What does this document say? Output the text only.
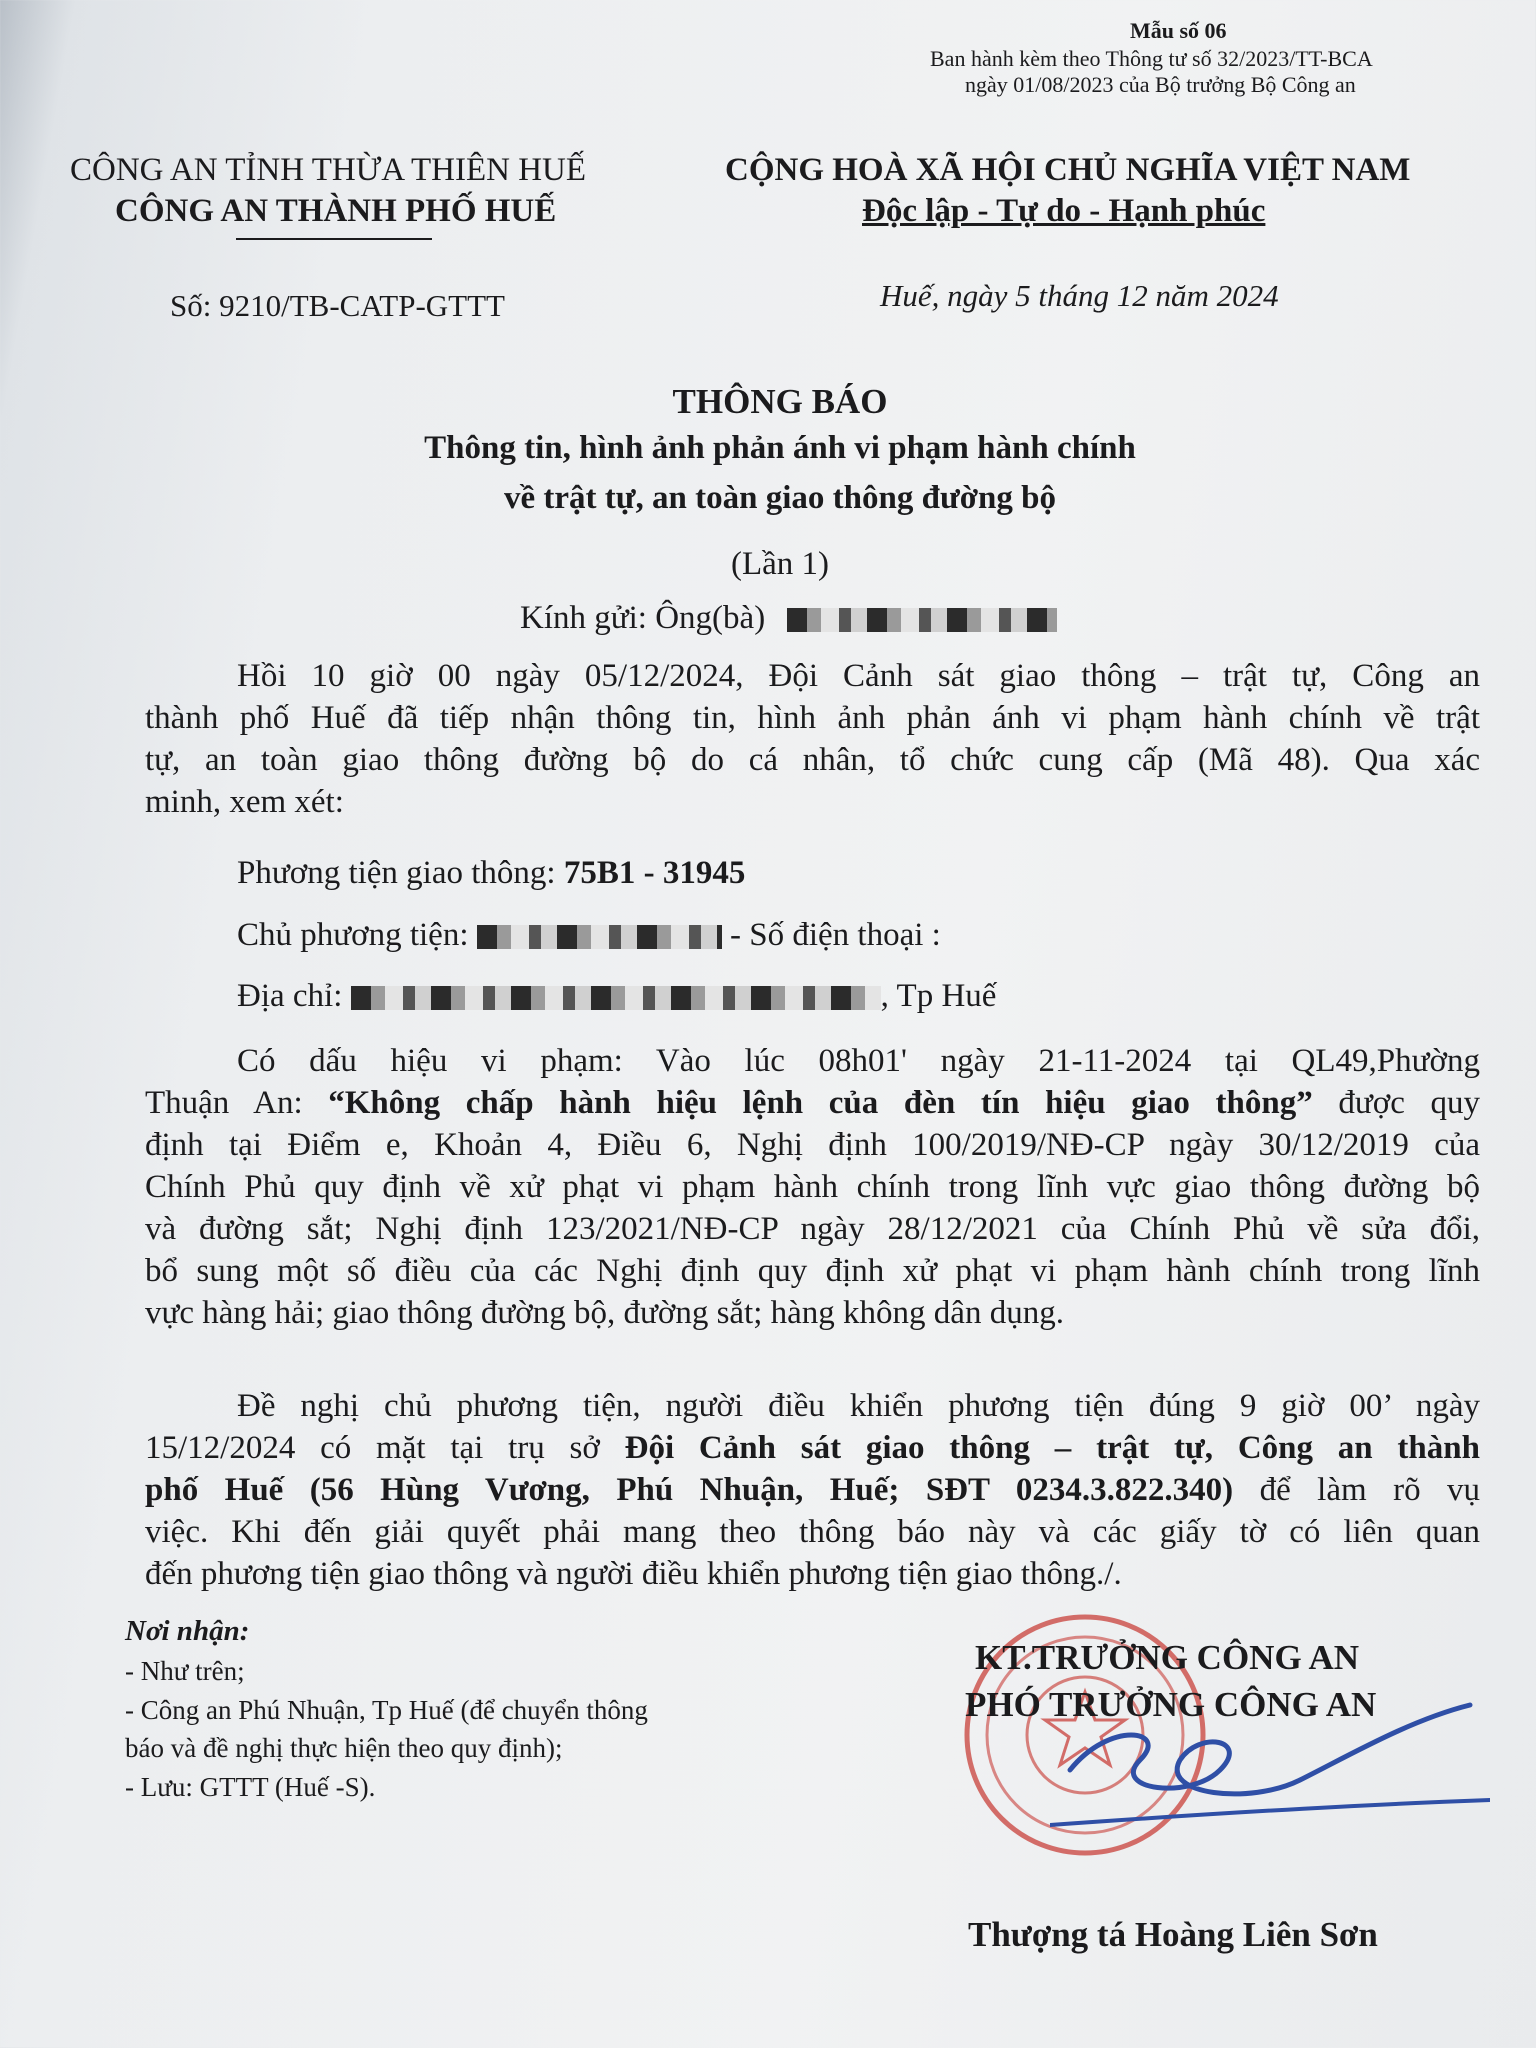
Mẫu số 06
Ban hành kèm theo Thông tư số 32/2023/TT-BCA
ngày 01/08/2023 của Bộ trưởng Bộ Công an
CÔNG AN TỈNH THỪA THIÊN HUẾ
CÔNG AN THÀNH PHỐ HUẾ
Số: 9210/TB-CATP-GTTT
CỘNG HOÀ XÃ HỘI CHỦ NGHĨA VIỆT NAM
Độc lập - Tự do - Hạnh phúc
Huế, ngày 5 tháng 12 năm 2024
THÔNG BÁO
Thông tin, hình ảnh phản ánh vi phạm hành chính
về trật tự, an toàn giao thông đường bộ
(Lần 1)
Kính gửi: Ông(bà)
Hồi 10 giờ 00 ngày 05/12/2024, Đội Cảnh sát giao thông – trật tự, Công an
thành phố Huế đã tiếp nhận thông tin, hình ảnh phản ánh vi phạm hành chính về trật
tự, an toàn giao thông đường bộ do cá nhân, tổ chức cung cấp (Mã 48). Qua xác
minh, xem xét:
Phương tiện giao thông: 75B1 - 31945
Chủ phương tiện:	- Số điện thoại :
Địa chỉ:	, Tp Huế
Có dấu hiệu vi phạm: Vào lúc 08h01' ngày 21-11-2024 tại QL49,Phường
Thuận An: “Không chấp hành hiệu lệnh của đèn tín hiệu giao thông” được quy
định tại Điểm e, Khoản 4, Điều 6, Nghị định 100/2019/NĐ-CP ngày 30/12/2019 của
Chính Phủ quy định về xử phạt vi phạm hành chính trong lĩnh vực giao thông đường bộ
và đường sắt; Nghị định 123/2021/NĐ-CP ngày 28/12/2021 của Chính Phủ về sửa đổi,
bổ sung một số điều của các Nghị định quy định xử phạt vi phạm hành chính trong lĩnh
vực hàng hải; giao thông đường bộ, đường sắt; hàng không dân dụng.
Đề nghị chủ phương tiện, người điều khiển phương tiện đúng 9 giờ 00’ ngày
15/12/2024 có mặt tại trụ sở Đội Cảnh sát giao thông – trật tự, Công an thành
phố Huế (56 Hùng Vương, Phú Nhuận, Huế; SĐT 0234.3.822.340) để làm rõ vụ
việc. Khi đến giải quyết phải mang theo thông báo này và các giấy tờ có liên quan
đến phương tiện giao thông và người điều khiển phương tiện giao thông./.
Nơi nhận:
- Như trên;
- Công an Phú Nhuận, Tp Huế (để chuyển thông
báo và đề nghị thực hiện theo quy định);
- Lưu: GTTT (Huế -S).
KT.TRƯỞNG CÔNG AN
PHÓ TRƯỞNG CÔNG AN
Thượng tá Hoàng Liên Sơn
